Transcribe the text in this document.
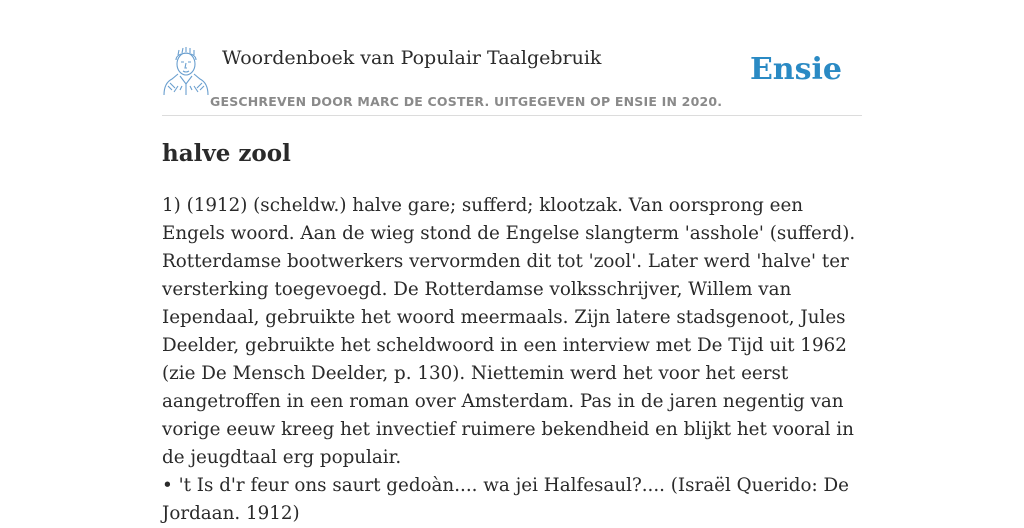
Woordenboek van Populair Taalgebruik
GESCHREVEN DOOR MARC DE COSTER. UITGEGEVEN OP ENSIE IN 2020.
Ensie
halve zool

1) (1912) (scheldw.) halve gare; sufferd; klootzak. Van oorsprong een Engels woord. Aan de wieg stond de Engelse slangterm 'asshole' (sufferd). Rotterdamse bootwerkers vervormden dit tot 'zool'. Later werd 'halve' ter versterking toegevoegd. De Rotterdamse volksschrijver, Willem van Iependaal, gebruikte het woord meermaals. Zijn latere stadsgenoot, Jules Deelder, gebruikte het scheldwoord in een interview met De Tijd uit 1962 (zie De Mensch Deelder, p. 130). Niettemin werd het voor het eerst aangetroffen in een roman over Amsterdam. Pas in de jaren negentig van vorige eeuw kreeg het invectief ruimere bekendheid en blijkt het vooral in de jeugdtaal erg populair.

• 't Is d'r feur ons saurt gedoàn.... wa jei Halfesaul?.... (Israël Querido: De Jordaan. 1912)
